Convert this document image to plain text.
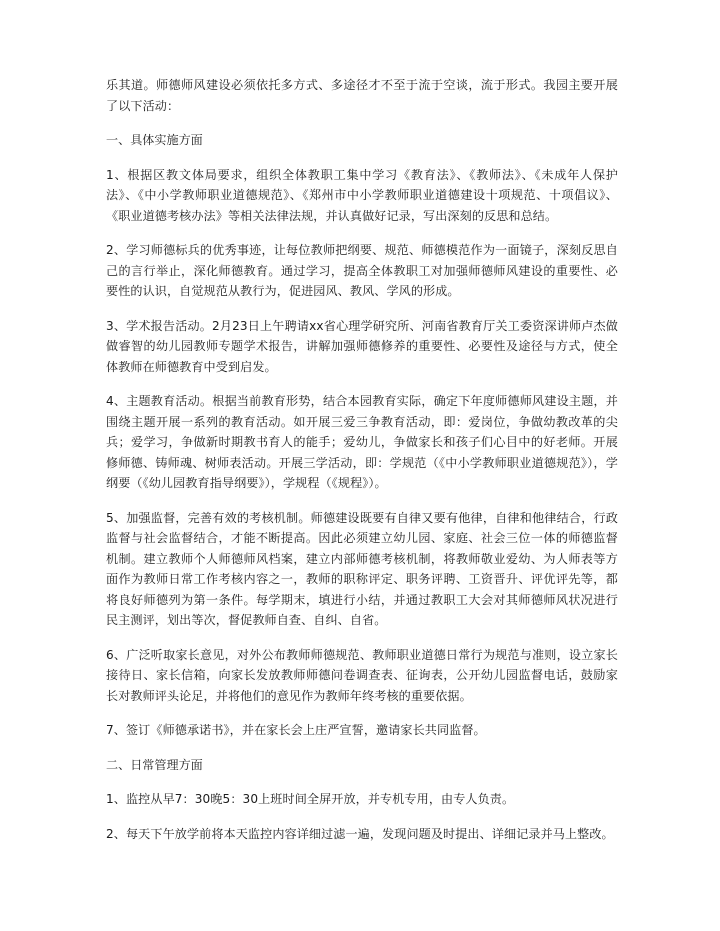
乐其道。师德师风建设必须依托多方式、多途径才不至于流于空谈，流于形式。我园主要开展了以下活动：

一、具体实施方面

1、根据区教文体局要求，组织全体教职工集中学习《教育法》、《教师法》、《未成年人保护法》、《中小学教师职业道德规范》、《郑州市中小学教师职业道德建设十项规范、十项倡议》、《职业道德考核办法》等相关法律法规，并认真做好记录，写出深刻的反思和总结。

2、学习师德标兵的优秀事迹，让每位教师把纲要、规范、师德模范作为一面镜子，深刻反思自己的言行举止，深化师德教育。通过学习，提高全体教职工对加强师德师风建设的重要性、必要性的认识，自觉规范从教行为，促进园风、教风、学风的形成。

3、学术报告活动。2月23日上午聘请xx省心理学研究所、河南省教育厅关工委资深讲师卢杰做做睿智的幼儿园教师专题学术报告，讲解加强师德修养的重要性、必要性及途径与方式，使全体教师在师德教育中受到启发。

4、主题教育活动。根据当前教育形势，结合本园教育实际，确定下年度师德师风建设主题，并围绕主题开展一系列的教育活动。如开展三爱三争教育活动，即：爱岗位，争做幼教改革的尖兵；爱学习，争做新时期教书育人的能手；爱幼儿，争做家长和孩子们心目中的好老师。开展修师德、铸师魂、树师表活动。开展三学活动，即：学规范（《中小学教师职业道德规范》），学纲要（《幼儿园教育指导纲要》），学规程（《规程》）。

5、加强监督，完善有效的考核机制。师德建设既要有自律又要有他律，自律和他律结合，行政监督与社会监督结合，才能不断提高。因此必须建立幼儿园、家庭、社会三位一体的师德监督机制。建立教师个人师德师风档案，建立内部师德考核机制，将教师敬业爱幼、为人师表等方面作为教师日常工作考核内容之一，教师的职称评定、职务评聘、工资晋升、评优评先等，都将良好师德列为第一条件。每学期末，填进行小结，并通过教职工大会对其师德师风状况进行民主测评，划出等次，督促教师自查、自纠、自省。

6、广泛听取家长意见，对外公布教师师德规范、教师职业道德日常行为规范与准则，设立家长接待日、家长信箱，向家长发放教师师德问卷调查表、征询表，公开幼儿园监督电话，鼓励家长对教师评头论足，并将他们的意见作为教师年终考核的重要依据。

7、签订《师德承诺书》，并在家长会上庄严宣誓，邀请家长共同监督。

二、日常管理方面

1、监控从早7：30晚5：30上班时间全屏开放，并专机专用，由专人负责。

2、每天下午放学前将本天监控内容详细过滤一遍，发现问题及时提出、详细记录并马上整改。
